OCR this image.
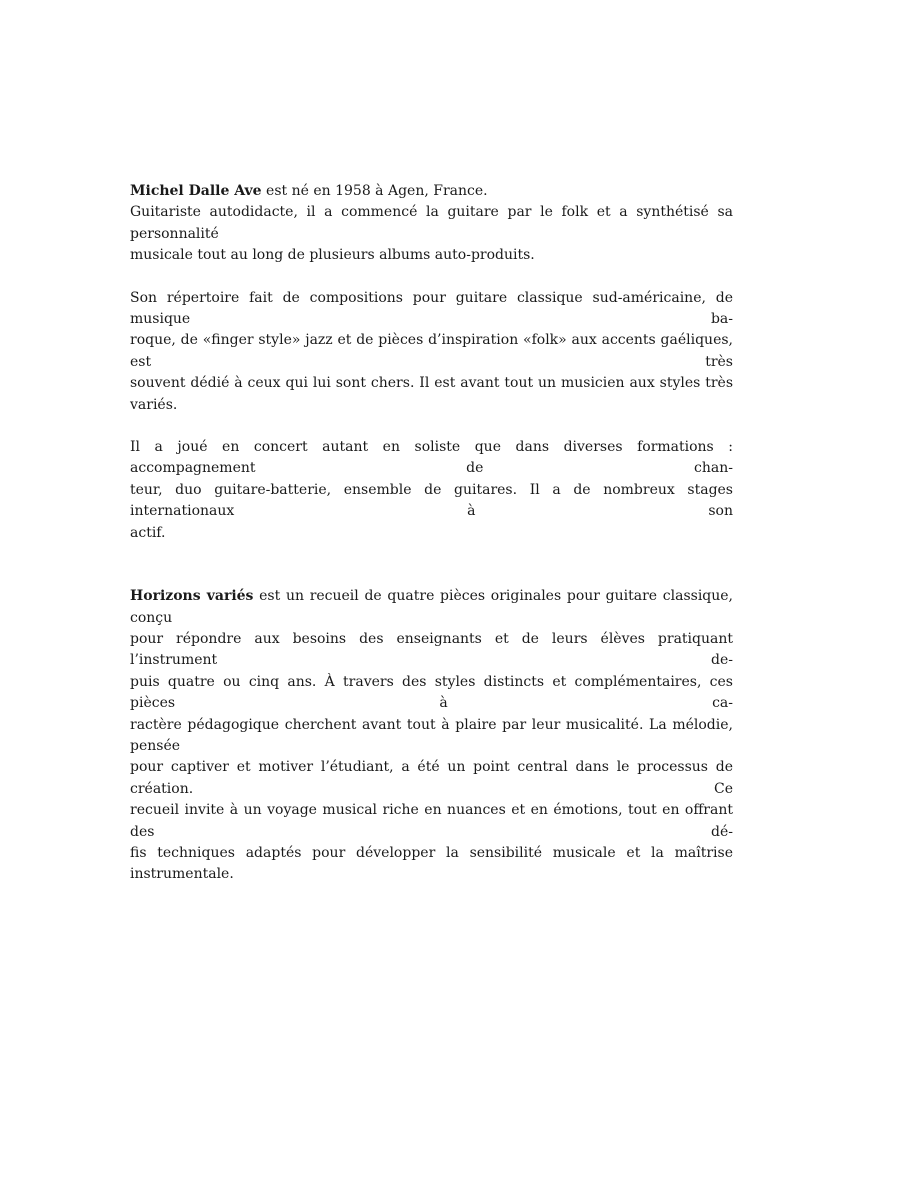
Michel Dalle Ave est né en 1958 à Agen, France.
Guitariste autodidacte, il a commencé la guitare par le folk et a synthétisé sa personnalité
musicale tout au long de plusieurs albums auto-produits.
Son répertoire fait de compositions pour guitare classique sud-américaine, de musique ba-
roque, de «finger style» jazz et de pièces d’inspiration «folk» aux accents gaéliques, est très
souvent dédié à ceux qui lui sont chers. Il est avant tout un musicien aux styles très variés.
Il a joué en concert autant en soliste que dans diverses formations : accompagnement de chan-
teur, duo guitare-batterie, ensemble de guitares. Il a de nombreux stages internationaux à son
actif.
Horizons variés est un recueil de quatre pièces originales pour guitare classique, conçu
pour répondre aux besoins des enseignants et de leurs élèves pratiquant l’instrument de-
puis quatre ou cinq ans. À travers des styles distincts et complémentaires, ces pièces à ca-
ractère pédagogique cherchent avant tout à plaire par leur musicalité. La mélodie, pensée
pour captiver et motiver l’étudiant, a été un point central dans le processus de création. Ce
recueil invite à un voyage musical riche en nuances et en émotions, tout en offrant des dé-
fis techniques adaptés pour développer la sensibilité musicale et la maîtrise instrumentale.
